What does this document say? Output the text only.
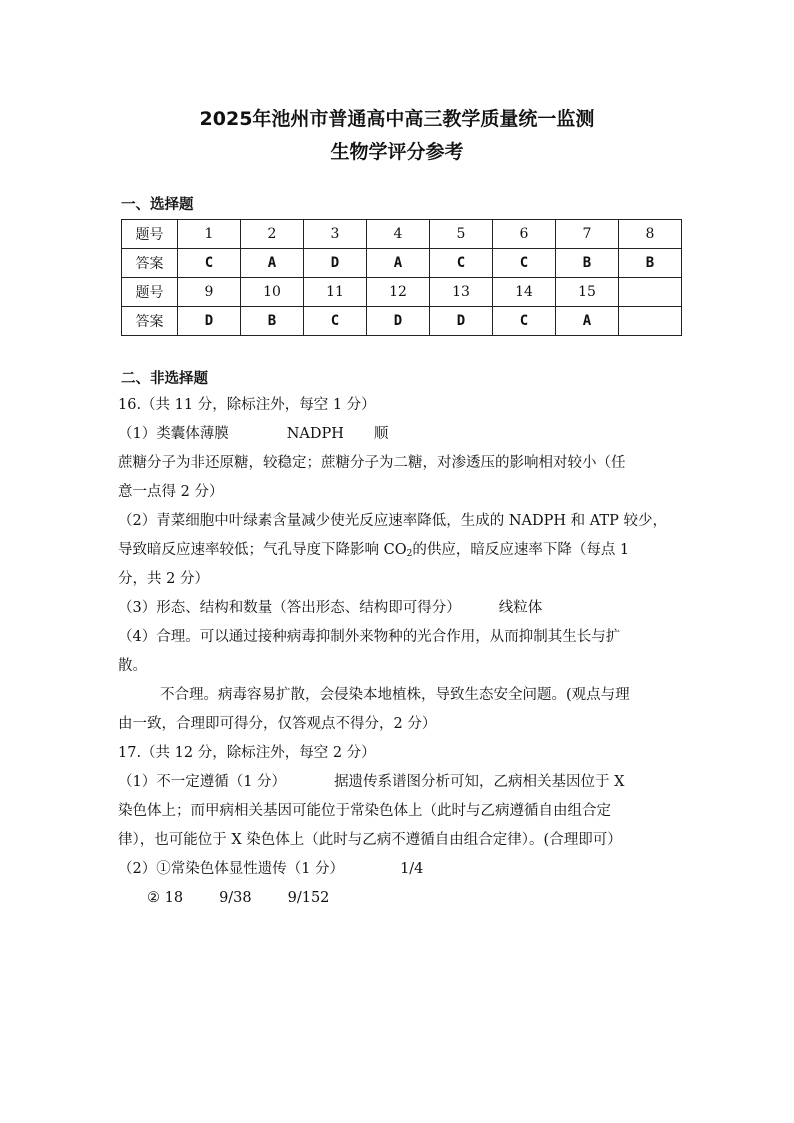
2025年池州市普通高中高三教学质量统一监测
生物学评分参考
一、选择题
题号	1	2	3	4	5	6	7	8
答案	C	A	D	A	C	C	B	B
题号	9	10	11	12	13	14	15	
答案	D	B	C	D	D	C	A	
二、非选择题
16.（共 11 分，除标注外，每空 1 分）
（1）类囊体薄膜	NADPH 顺
蔗糖分子为非还原糖，较稳定；蔗糖分子为二糖，对渗透压的影响相对较小（任
意一点得 2 分）
（2）青菜细胞中叶绿素含量减少使光反应速率降低，生成的 NADPH 和 ATP 较少，
导致暗反应速率较低；气孔导度下降影响 $CO_2$的供应，暗反应速率下降（每点 1
分，共 2 分）
（3）形态、结构和数量（答出形态、结构即可得分）	线粒体
（4）合理。可以通过接种病毒抑制外来物种的光合作用，从而抑制其生长与扩
散。
不合理。病毒容易扩散，会侵染本地植株，导致生态安全问题。(观点与理
由一致，合理即可得分，仅答观点不得分，2 分）
17.（共 12 分，除标注外，每空 2 分）
（1）不一定遵循（1 分）	据遗传系谱图分析可知，乙病相关基因位于 X
染色体上；而甲病相关基因可能位于常染色体上（此时与乙病遵循自由组合定
律），也可能位于 X 染色体上（此时与乙病不遵循自由组合定律）。(合理即可）
（2）①常染色体显性遗传（1 分）	1/4
② 18 9/38 9/152
